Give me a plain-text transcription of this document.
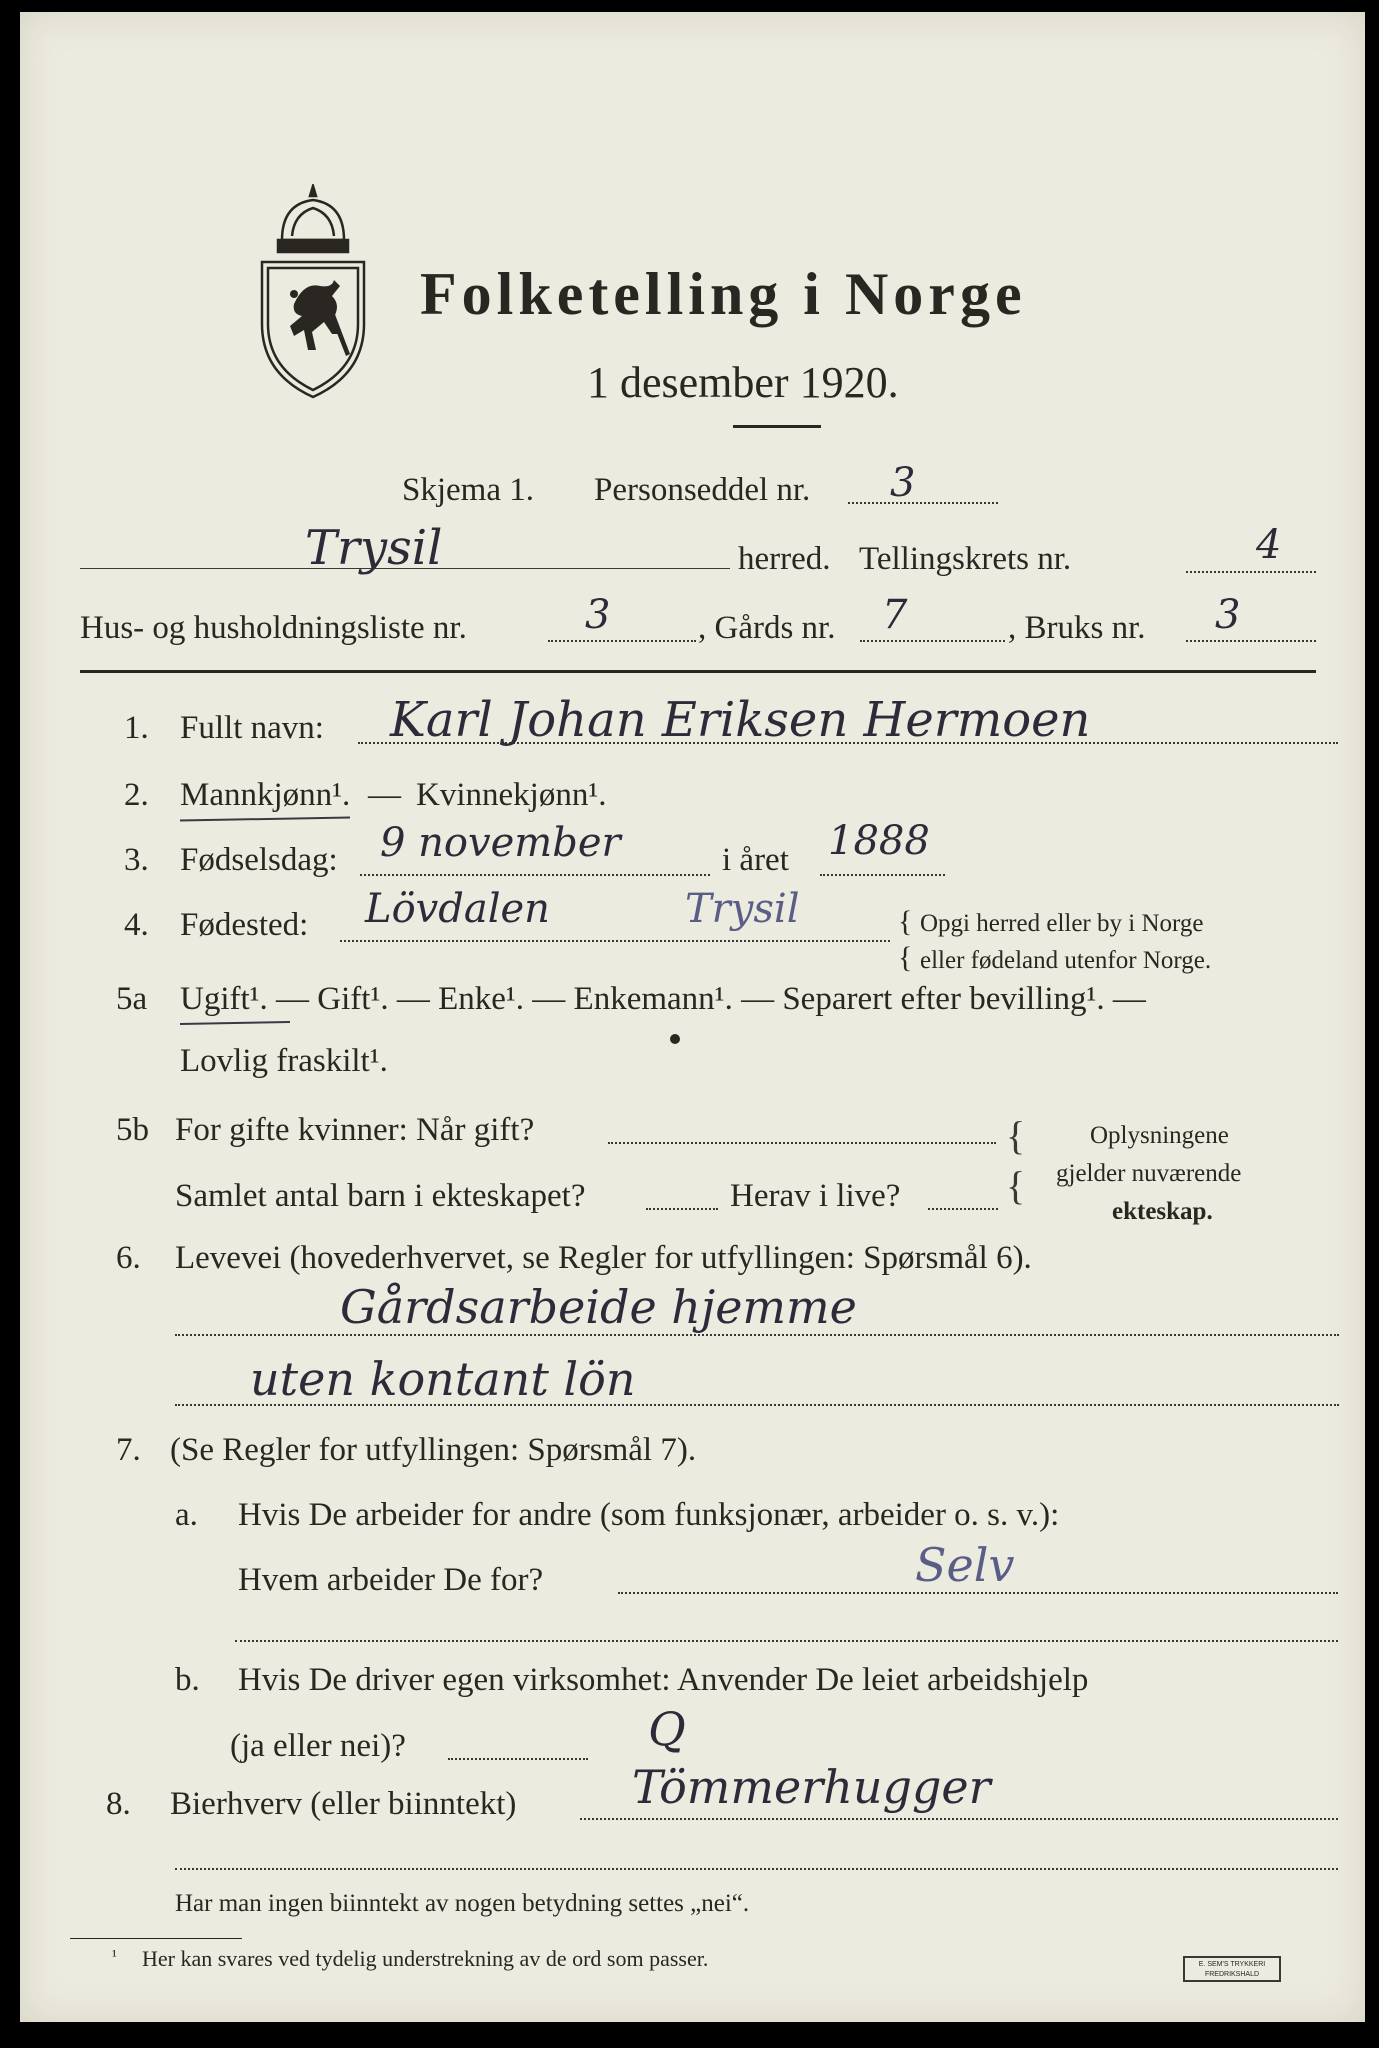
Folketelling i Norge
1 desember 1920.
Skjema 1. Personseddel nr. 3
Trysil	herred. Tellingskrets nr.	4
Hus- og husholdningsliste nr.	3	, Gårds nr. 7	, Bruks nr. 3
1. Fullt navn: Karl Johan Eriksen Hermoen
2. Mannkjønn¹. — Kvinnekjønn¹.
3. Fødselsdag: 9 november	i året 1888
4. Fødested: Lövdalen	Trysil	{
{
Opgi herred eller by i Norge
eller fødeland utenfor Norge.
5a Ugift¹. — Gift¹. — Enke¹. — Enkemann¹. — Separert efter bevilling¹. —
Lovlig fraskilt¹.
5b For gifte kvinner: Når gift?
Samlet antal barn i ekteskapet?	Herav i live?
{
{
Oplysningene
gjelder nuværende
ekteskap.
6. Levevei (hovederhvervet, se Regler for utfyllingen: Spørsmål 6).
Gårdsarbeide hjemme
uten kontant lön
7. (Se Regler for utfyllingen: Spørsmål 7).
a. Hvis De arbeider for andre (som funksjonær, arbeider o. s. v.):
Hvem arbeider De for?	Selv
b. Hvis De driver egen virksomhet: Anvender De leiet arbeidshjelp
(ja eller nei)?	Q
8. Bierhverv (eller biinntekt)	Tömmerhugger
Har man ingen biinntekt av nogen betydning settes „nei“.
¹ Her kan svares ved tydelig understrekning av de ord som passer.	E. SEM'S TRYKKERI
FREDRIKSHALD
